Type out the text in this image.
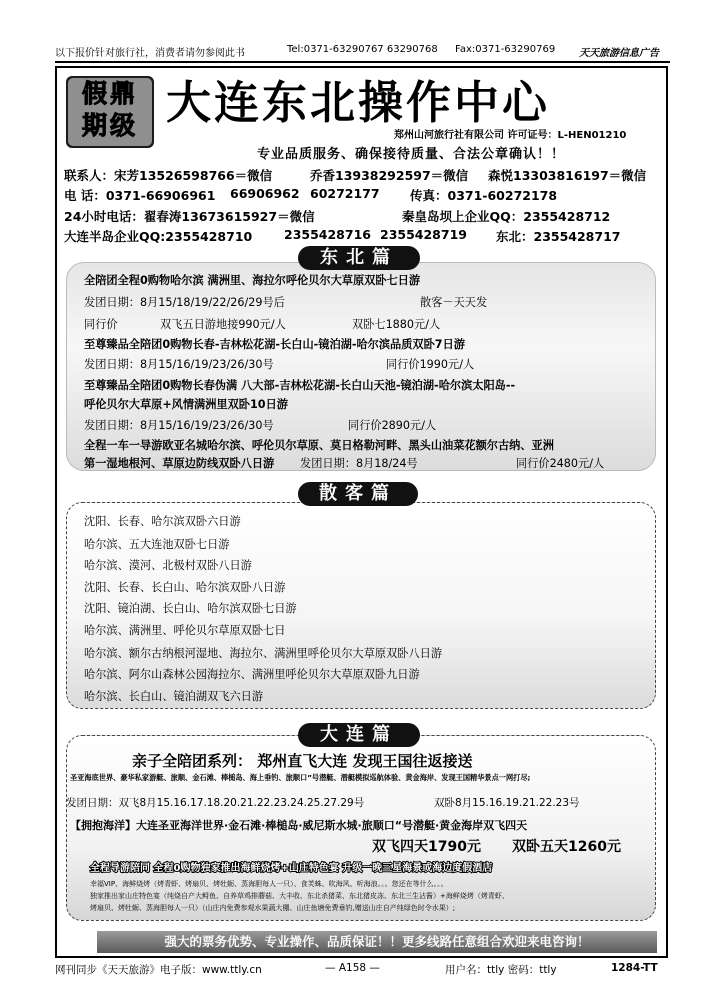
以下报价针对旅行社，消费者请勿参阅此书	Tel:0371-63290767 63290768 Fax:0371-63290769 天天旅游信息广告
假鼎
期级 大连东北操作中心
郑州山河旅行社有限公司 许可证号：L-HEN01210
专业品质服务、确保接待质量、合法公章确认！！
联系人：宋芳13526598766＝微信	乔香13938292597＝微信 森悦13303816197＝微信
电 话：0371-66906961 66906962 60272177 传真：0371-60272178
24小时电话：翟春涛13673615927＝微信	秦皇岛坝上企业QQ：2355428712
大连半岛企业QQ:2355428710	2355428716 2355428719 东北：2355428717
东北篇
全陪团全程0购物哈尔滨 满洲里、海拉尔呼伦贝尔大草原双卧七日游
发团日期：8月15/18/19/22/26/29号后	散客－天天发
同行价	双飞五日游地接990元/人	双卧七1880元/人
至尊臻品全陪团0购物长春-吉林松花湖-长白山-镜泊湖-哈尔滨品质双卧7日游
发团日期：8月15/16/19/23/26/30号	同行价1990元/人
至尊臻品全陪团0购物长春伪满 八大部-吉林松花湖-长白山天池-镜泊湖-哈尔滨太阳岛--
呼伦贝尔大草原+风情满洲里双卧10日游
发团日期：8月15/16/19/23/26/30号	同行价2890元/人
全程一车一导游欧亚名城哈尔滨、呼伦贝尔草原、莫日格勒河畔、黑头山油菜花额尔古纳、亚洲
第一湿地根河、草原边防线双卧八日游 发团日期：8月18/24号	同行价2480元/人
散客篇
沈阳、长春、哈尔滨双卧六日游
哈尔滨、五大连池双卧七日游
哈尔滨、漠河、北极村双卧八日游
沈阳、长春、长白山、哈尔滨双卧八日游
沈阳、镜泊湖、长白山、哈尔滨双卧七日游
哈尔滨、满洲里、呼伦贝尔草原双卧七日
哈尔滨、额尔古纳根河湿地、海拉尔、满洲里呼伦贝尔大草原双卧八日游
哈尔滨、阿尔山森林公园海拉尔、满洲里呼伦贝尔大草原双卧九日游
哈尔滨、长白山、镜泊湖双飞六日游
大连篇
亲子全陪团系列： 郑州直飞大连 发现王国往返接送
圣亚海底世界、豪华私家游艇、旅顺、金石滩、棒槌岛、海上垂钓、旅顺口”号潜艇、潜艇模拟巡航体验、黄金海岸、发现王国精华景点一网打尽;
发团日期：双飞8月15.16.17.18.20.21.22.23.24.25.27.29号	双卧8月15.16.19.21.22.23号
【拥抱海洋】大连圣亚海洋世界·金石滩·棒槌岛·威尼斯水城·旅顺口“号潜艇·黄金海岸双飞四天
双飞四天1790元 双卧五天1260元
全程导游陪同 全程0购物独家推出海鲜烧烤+山庄特色宴 升级一晚三星海景或海边度假酒店
幸福VIP、海鲜烧烤（烤青虾、烤扇贝、烤牡蛎、蒸海胆每人一只）、食芙蛛、吹海风、听海浪。。。您还在等什么。。。
独家推出家山庄特色宴（纯烧自产大鲟鱼、自养草鸡排蘑菇、大丰收、东北杀猪菜、东北猪皮冻、东北三生沾酱）+海鲜烧烤（烤青虾、
烤扇贝、烤牡蛎、蒸海胆每人一只）（山庄内免费参观水果蔬大棚、山庄鱼塘免费垂钓,赠送山庄自产纯绿色时令水果）;
强大的票务优势、专业操作、品质保证！！更多线路任意组合欢迎来电咨询！
网刊同步《天天旅游》电子版：www.ttly.cn	— A158 —	用户名：ttly 密码：ttly	1284-TT
